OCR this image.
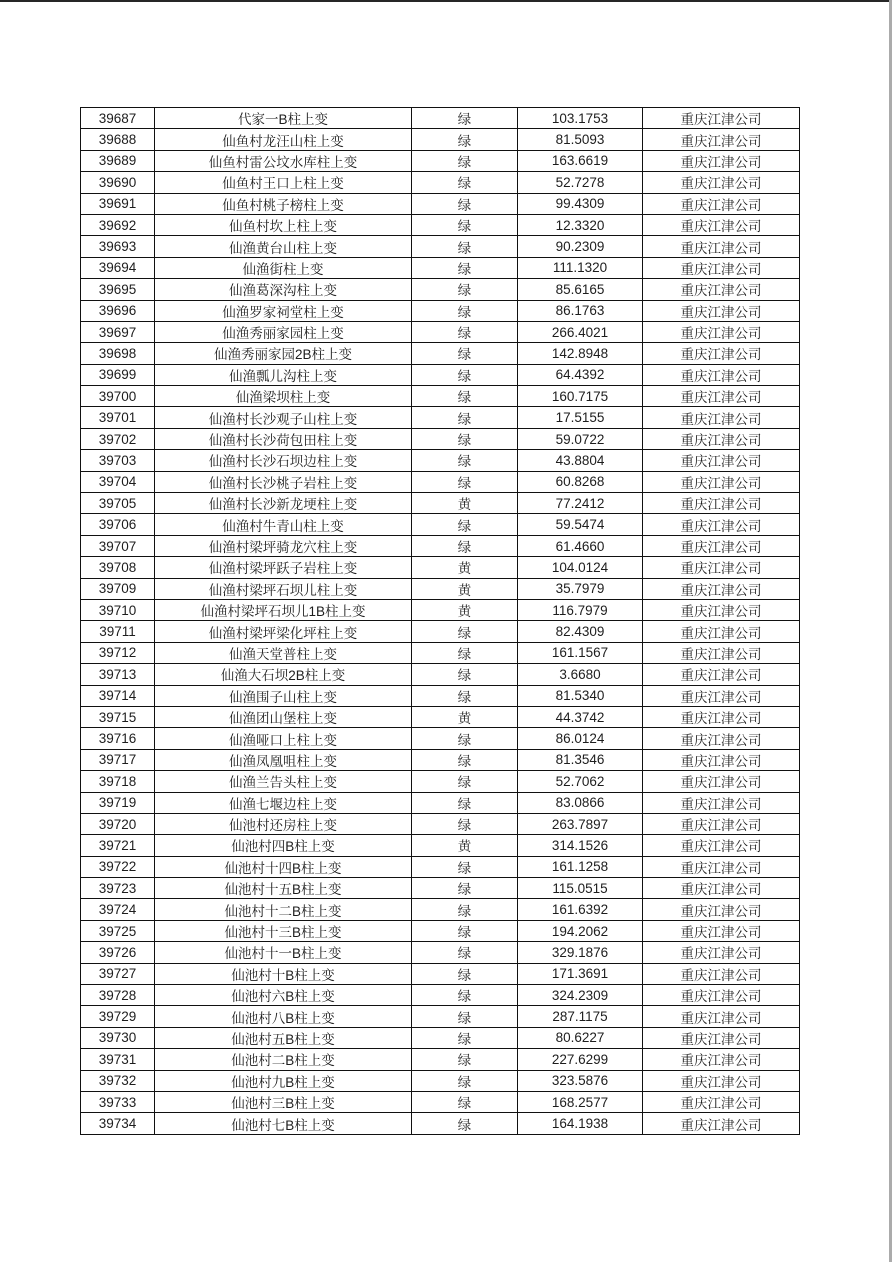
39687	代家一B柱上变	绿	103.1753	重庆江津公司
39688	仙鱼村龙汪山柱上变	绿	81.5093	重庆江津公司
39689	仙鱼村雷公坟水库柱上变	绿	163.6619	重庆江津公司
39690	仙鱼村王口上柱上变	绿	52.7278	重庆江津公司
39691	仙鱼村桃子榜柱上变	绿	99.4309	重庆江津公司
39692	仙鱼村坎上柱上变	绿	12.3320	重庆江津公司
39693	仙渔黄台山柱上变	绿	90.2309	重庆江津公司
39694	仙渔街柱上变	绿	111.1320	重庆江津公司
39695	仙渔葛深沟柱上变	绿	85.6165	重庆江津公司
39696	仙渔罗家祠堂柱上变	绿	86.1763	重庆江津公司
39697	仙渔秀丽家园柱上变	绿	266.4021	重庆江津公司
39698	仙渔秀丽家园2B柱上变	绿	142.8948	重庆江津公司
39699	仙渔瓢儿沟柱上变	绿	64.4392	重庆江津公司
39700	仙渔梁坝柱上变	绿	160.7175	重庆江津公司
39701	仙渔村长沙观子山柱上变	绿	17.5155	重庆江津公司
39702	仙渔村长沙荷包田柱上变	绿	59.0722	重庆江津公司
39703	仙渔村长沙石坝边柱上变	绿	43.8804	重庆江津公司
39704	仙渔村长沙桃子岩柱上变	绿	60.8268	重庆江津公司
39705	仙渔村长沙新龙埂柱上变	黄	77.2412	重庆江津公司
39706	仙渔村牛青山柱上变	绿	59.5474	重庆江津公司
39707	仙渔村梁坪骑龙穴柱上变	绿	61.4660	重庆江津公司
39708	仙渔村梁坪跃子岩柱上变	黄	104.0124	重庆江津公司
39709	仙渔村梁坪石坝儿柱上变	黄	35.7979	重庆江津公司
39710	仙渔村梁坪石坝儿1B柱上变	黄	116.7979	重庆江津公司
39711	仙渔村梁坪梁化坪柱上变	绿	82.4309	重庆江津公司
39712	仙渔天堂普柱上变	绿	161.1567	重庆江津公司
39713	仙渔大石坝2B柱上变	绿	3.6680	重庆江津公司
39714	仙渔围子山柱上变	绿	81.5340	重庆江津公司
39715	仙渔团山堡柱上变	黄	44.3742	重庆江津公司
39716	仙渔哑口上柱上变	绿	86.0124	重庆江津公司
39717	仙渔凤凰咀柱上变	绿	81.3546	重庆江津公司
39718	仙渔兰告头柱上变	绿	52.7062	重庆江津公司
39719	仙渔七堰边柱上变	绿	83.0866	重庆江津公司
39720	仙池村还房柱上变	绿	263.7897	重庆江津公司
39721	仙池村四B柱上变	黄	314.1526	重庆江津公司
39722	仙池村十四B柱上变	绿	161.1258	重庆江津公司
39723	仙池村十五B柱上变	绿	115.0515	重庆江津公司
39724	仙池村十二B柱上变	绿	161.6392	重庆江津公司
39725	仙池村十三B柱上变	绿	194.2062	重庆江津公司
39726	仙池村十一B柱上变	绿	329.1876	重庆江津公司
39727	仙池村十B柱上变	绿	171.3691	重庆江津公司
39728	仙池村六B柱上变	绿	324.2309	重庆江津公司
39729	仙池村八B柱上变	绿	287.1175	重庆江津公司
39730	仙池村五B柱上变	绿	80.6227	重庆江津公司
39731	仙池村二B柱上变	绿	227.6299	重庆江津公司
39732	仙池村九B柱上变	绿	323.5876	重庆江津公司
39733	仙池村三B柱上变	绿	168.2577	重庆江津公司
39734	仙池村七B柱上变	绿	164.1938	重庆江津公司
